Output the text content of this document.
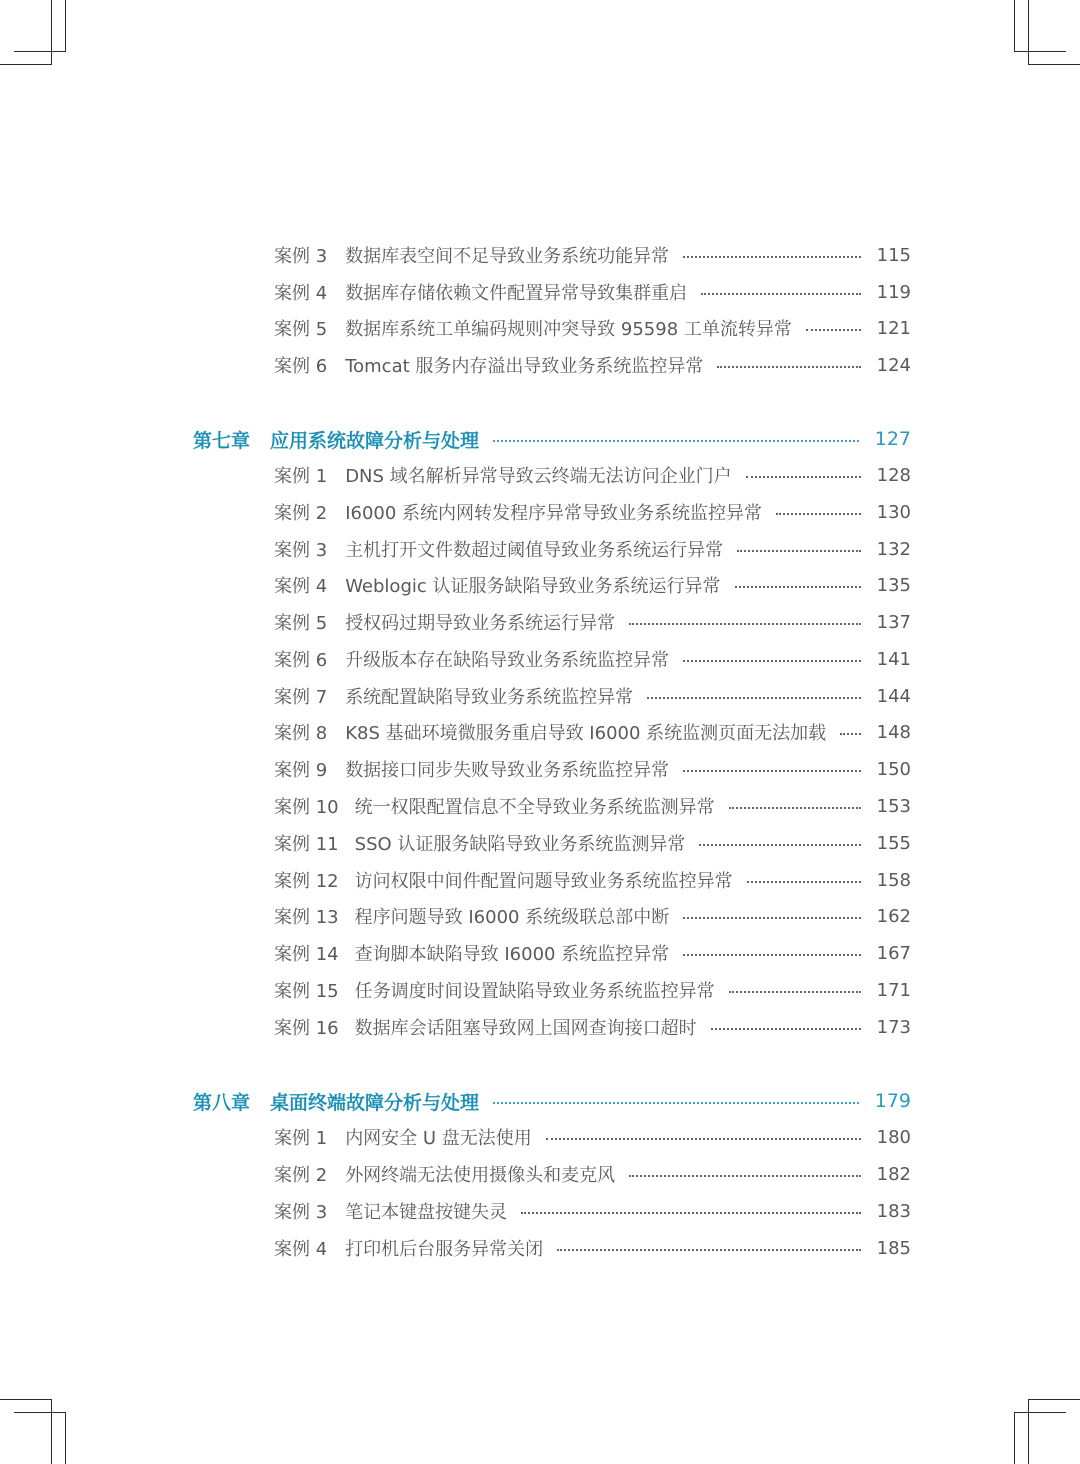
案例 3 数据库表空间不足导致业务系统功能异常	115
案例 4 数据库存储依赖文件配置异常导致集群重启	119
案例 5 数据库系统工单编码规则冲突导致 95598 工单流转异常	121
案例 6 Tomcat 服务内存溢出导致业务系统监控异常	124
第七章 应用系统故障分析与处理	127
案例 1 DNS 域名解析异常导致云终端无法访问企业门户	128
案例 2 I6000 系统内网转发程序异常导致业务系统监控异常	130
案例 3 主机打开文件数超过阈值导致业务系统运行异常	132
案例 4 Weblogic 认证服务缺陷导致业务系统运行异常	135
案例 5 授权码过期导致业务系统运行异常	137
案例 6 升级版本存在缺陷导致业务系统监控异常	141
案例 7 系统配置缺陷导致业务系统监控异常	144
案例 8 K8S 基础环境微服务重启导致 I6000 系统监测页面无法加载	148
案例 9 数据接口同步失败导致业务系统监控异常	150
案例 10 统一权限配置信息不全导致业务系统监测异常	153
案例 11 SSO 认证服务缺陷导致业务系统监测异常	155
案例 12 访问权限中间件配置问题导致业务系统监控异常	158
案例 13 程序问题导致 I6000 系统级联总部中断	162
案例 14 查询脚本缺陷导致 I6000 系统监控异常	167
案例 15 任务调度时间设置缺陷导致业务系统监控异常	171
案例 16 数据库会话阻塞导致网上国网查询接口超时	173
第八章 桌面终端故障分析与处理	179
案例 1 内网安全 U 盘无法使用	180
案例 2 外网终端无法使用摄像头和麦克风	182
案例 3 笔记本键盘按键失灵	183
案例 4 打印机后台服务异常关闭	185
